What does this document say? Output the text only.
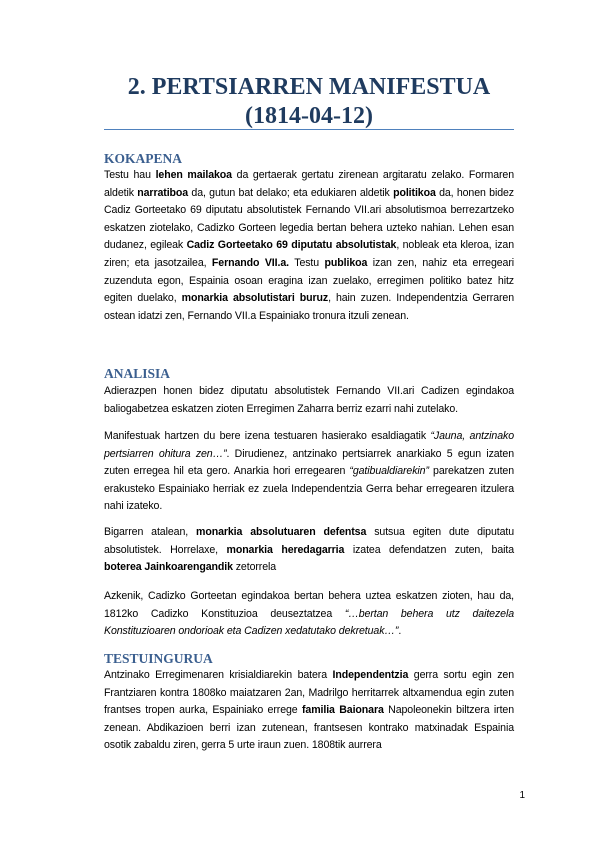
2. PERTSIARREN MANIFESTUA
(1814-04-12)
KOKAPENA

Testu hau lehen mailakoa da gertaerak gertatu zirenean argitaratu zelako. Formaren aldetik narratiboa da, gutun bat delako; eta edukiaren aldetik politikoa da, honen bidez Cadiz Gorteetako 69 diputatu absolutistek Fernando VII.ari absolutismoa berrezartzeko eskatzen ziotelako, Cadizko Gorteen legedia bertan behera uzteko nahian. Lehen esan dudanez, egileak Cadiz Gorteetako 69 diputatu absolutistak, nobleak eta kleroa, izan ziren; eta jasotzailea, Fernando VII.a. Testu publikoa izan zen, nahiz eta erregeari zuzenduta egon, Espainia osoan eragina izan zuelako, erregimen politiko batez hitz egiten duelako, monarkia absolutistari buruz, hain zuzen. Independentzia Gerraren ostean idatzi zen, Fernando VII.a Espainiako tronura itzuli zenean.

ANALISIA

Adierazpen honen bidez diputatu absolutistek Fernando VII.ari Cadizen egindakoa baliogabetzea eskatzen zioten Erregimen Zaharra berriz ezarri nahi zutelako.

Manifestuak hartzen du bere izena testuaren hasierako esaldiagatik “Jauna, antzinako pertsiarren ohitura zen…”. Dirudienez, antzinako pertsiarrek anarkiako 5 egun izaten zuten erregea hil eta gero. Anarkia hori erregearen “gatibualdiarekin” parekatzen zuten erakusteko Espainiako herriak ez zuela Independentzia Gerra behar erregearen itzulera nahi izateko.

Bigarren atalean, monarkia absolutuaren defentsa sutsua egiten dute diputatu absolutistek. Horrelaxe, monarkia heredagarria izatea defendatzen zuten, baita boterea Jainkoarengandik zetorrela

Azkenik, Cadizko Gorteetan egindakoa bertan behera uztea eskatzen zioten, hau da, 1812ko Cadizko Konstituzioa deuseztatzea “…bertan behera utz daitezela Konstituzioaren ondorioak eta Cadizen xedatutako dekretuak…”.

TESTUINGURUA

Antzinako Erregimenaren krisialdiarekin batera Independentzia gerra sortu egin zen Frantziaren kontra 1808ko maiatzaren 2an, Madrilgo herritarrek altxamendua egin zuten frantses tropen aurka, Espainiako errege familia Baionara Napoleonekin biltzera irten zenean. Abdikazioen berri izan zutenean, frantsesen kontrako matxinadak Espainia osotik zabaldu ziren, gerra 5 urte iraun zuen. 1808tik aurrera

1
